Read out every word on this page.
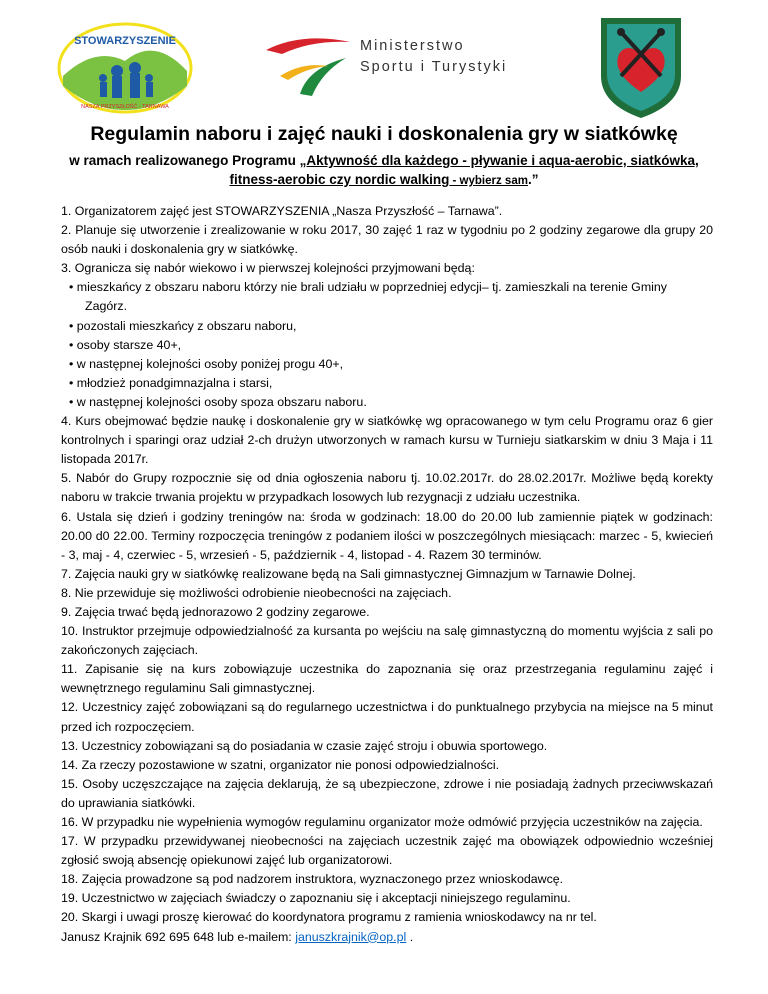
STOWARZYSZENIE
NASZA PRZYSZŁOŚĆ - TARNAWA
Ministerstwo
Sportu i Turystyki
Regulamin naboru i zajęć nauki i doskonalenia gry w siatkówkę
w ramach realizowanego Programu „Aktywność dla każdego - pływanie i aqua-aerobic, siatkówka, fitness-aerobic czy nordic walking - wybierz sam.”

1. Organizatorem zajęć jest STOWARZYSZENIA „Nasza Przyszłość – Tarnawa”.

2. Planuje się utworzenie i zrealizowanie w roku 2017, 30 zajęć 1 raz w tygodniu po 2 godziny zegarowe dla grupy 20 osób nauki i doskonalenia gry w siatkówkę.

3. Ogranicza się nabór wiekowo i w pierwszej kolejności przyjmowani będą:

• mieszkańcy z obszaru naboru którzy nie brali udziału w poprzedniej edycji– tj. zamieszkali na terenie Gminy
Zagórz.

• pozostali mieszkańcy z obszaru naboru,

• osoby starsze 40+,

• w następnej kolejności osoby poniżej progu 40+,

• młodzież ponadgimnazjalna i starsi,

• w następnej kolejności osoby spoza obszaru naboru.

4. Kurs obejmować będzie naukę i doskonalenie gry w siatkówkę wg opracowanego w tym celu Programu oraz 6 gier kontrolnych i sparingi oraz udział 2-ch drużyn utworzonych w ramach kursu w Turnieju siatkarskim w dniu 3 Maja i 11 listopada 2017r.

5. Nabór do Grupy rozpocznie się od dnia ogłoszenia naboru tj. 10.02.2017r. do 28.02.2017r. Możliwe będą korekty naboru w trakcie trwania projektu w przypadkach losowych lub rezygnacji z udziału uczestnika.

6. Ustala się dzień i godziny treningów na: środa w godzinach: 18.00 do 20.00 lub zamiennie piątek w godzinach: 20.00 d0 22.00. Terminy rozpoczęcia treningów z podaniem ilości w poszczególnych miesiącach: marzec - 5, kwiecień - 3, maj - 4, czerwiec - 5, wrzesień - 5, październik - 4, listopad - 4. Razem 30 terminów.

7. Zajęcia nauki gry w siatkówkę realizowane będą na Sali gimnastycznej Gimnazjum w Tarnawie Dolnej.

8. Nie przewiduje się możliwości odrobienie nieobecności na zajęciach.

9. Zajęcia trwać będą jednorazowo 2 godziny zegarowe.

10. Instruktor przejmuje odpowiedzialność za kursanta po wejściu na salę gimnastyczną do momentu wyjścia z sali po zakończonych zajęciach.

11. Zapisanie się na kurs zobowiązuje uczestnika do zapoznania się oraz przestrzegania regulaminu zajęć i wewnętrznego regulaminu Sali gimnastycznej.

12. Uczestnicy zajęć zobowiązani są do regularnego uczestnictwa i do punktualnego przybycia na miejsce na 5 minut przed ich rozpoczęciem.

13. Uczestnicy zobowiązani są do posiadania w czasie zajęć stroju i obuwia sportowego.

14. Za rzeczy pozostawione w szatni, organizator nie ponosi odpowiedzialności.

15. Osoby uczęszczające na zajęcia deklarują, że są ubezpieczone, zdrowe i nie posiadają żadnych przeciwwskazań do uprawiania siatkówki.

16. W przypadku nie wypełnienia wymogów regulaminu organizator może odmówić przyjęcia uczestników na zajęcia.

17. W przypadku przewidywanej nieobecności na zajęciach uczestnik zajęć ma obowiązek odpowiednio wcześniej zgłosić swoją absencję opiekunowi zajęć lub organizatorowi.

18. Zajęcia prowadzone są pod nadzorem instruktora, wyznaczonego przez wnioskodawcę.

19. Uczestnictwo w zajęciach świadczy o zapoznaniu się i akceptacji niniejszego regulaminu.

20. Skargi i uwagi proszę kierować do koordynatora programu z ramienia wnioskodawcy na nr tel.

Janusz Krajnik 692 695 648 lub e-mailem: januszkrajnik@op.pl .
